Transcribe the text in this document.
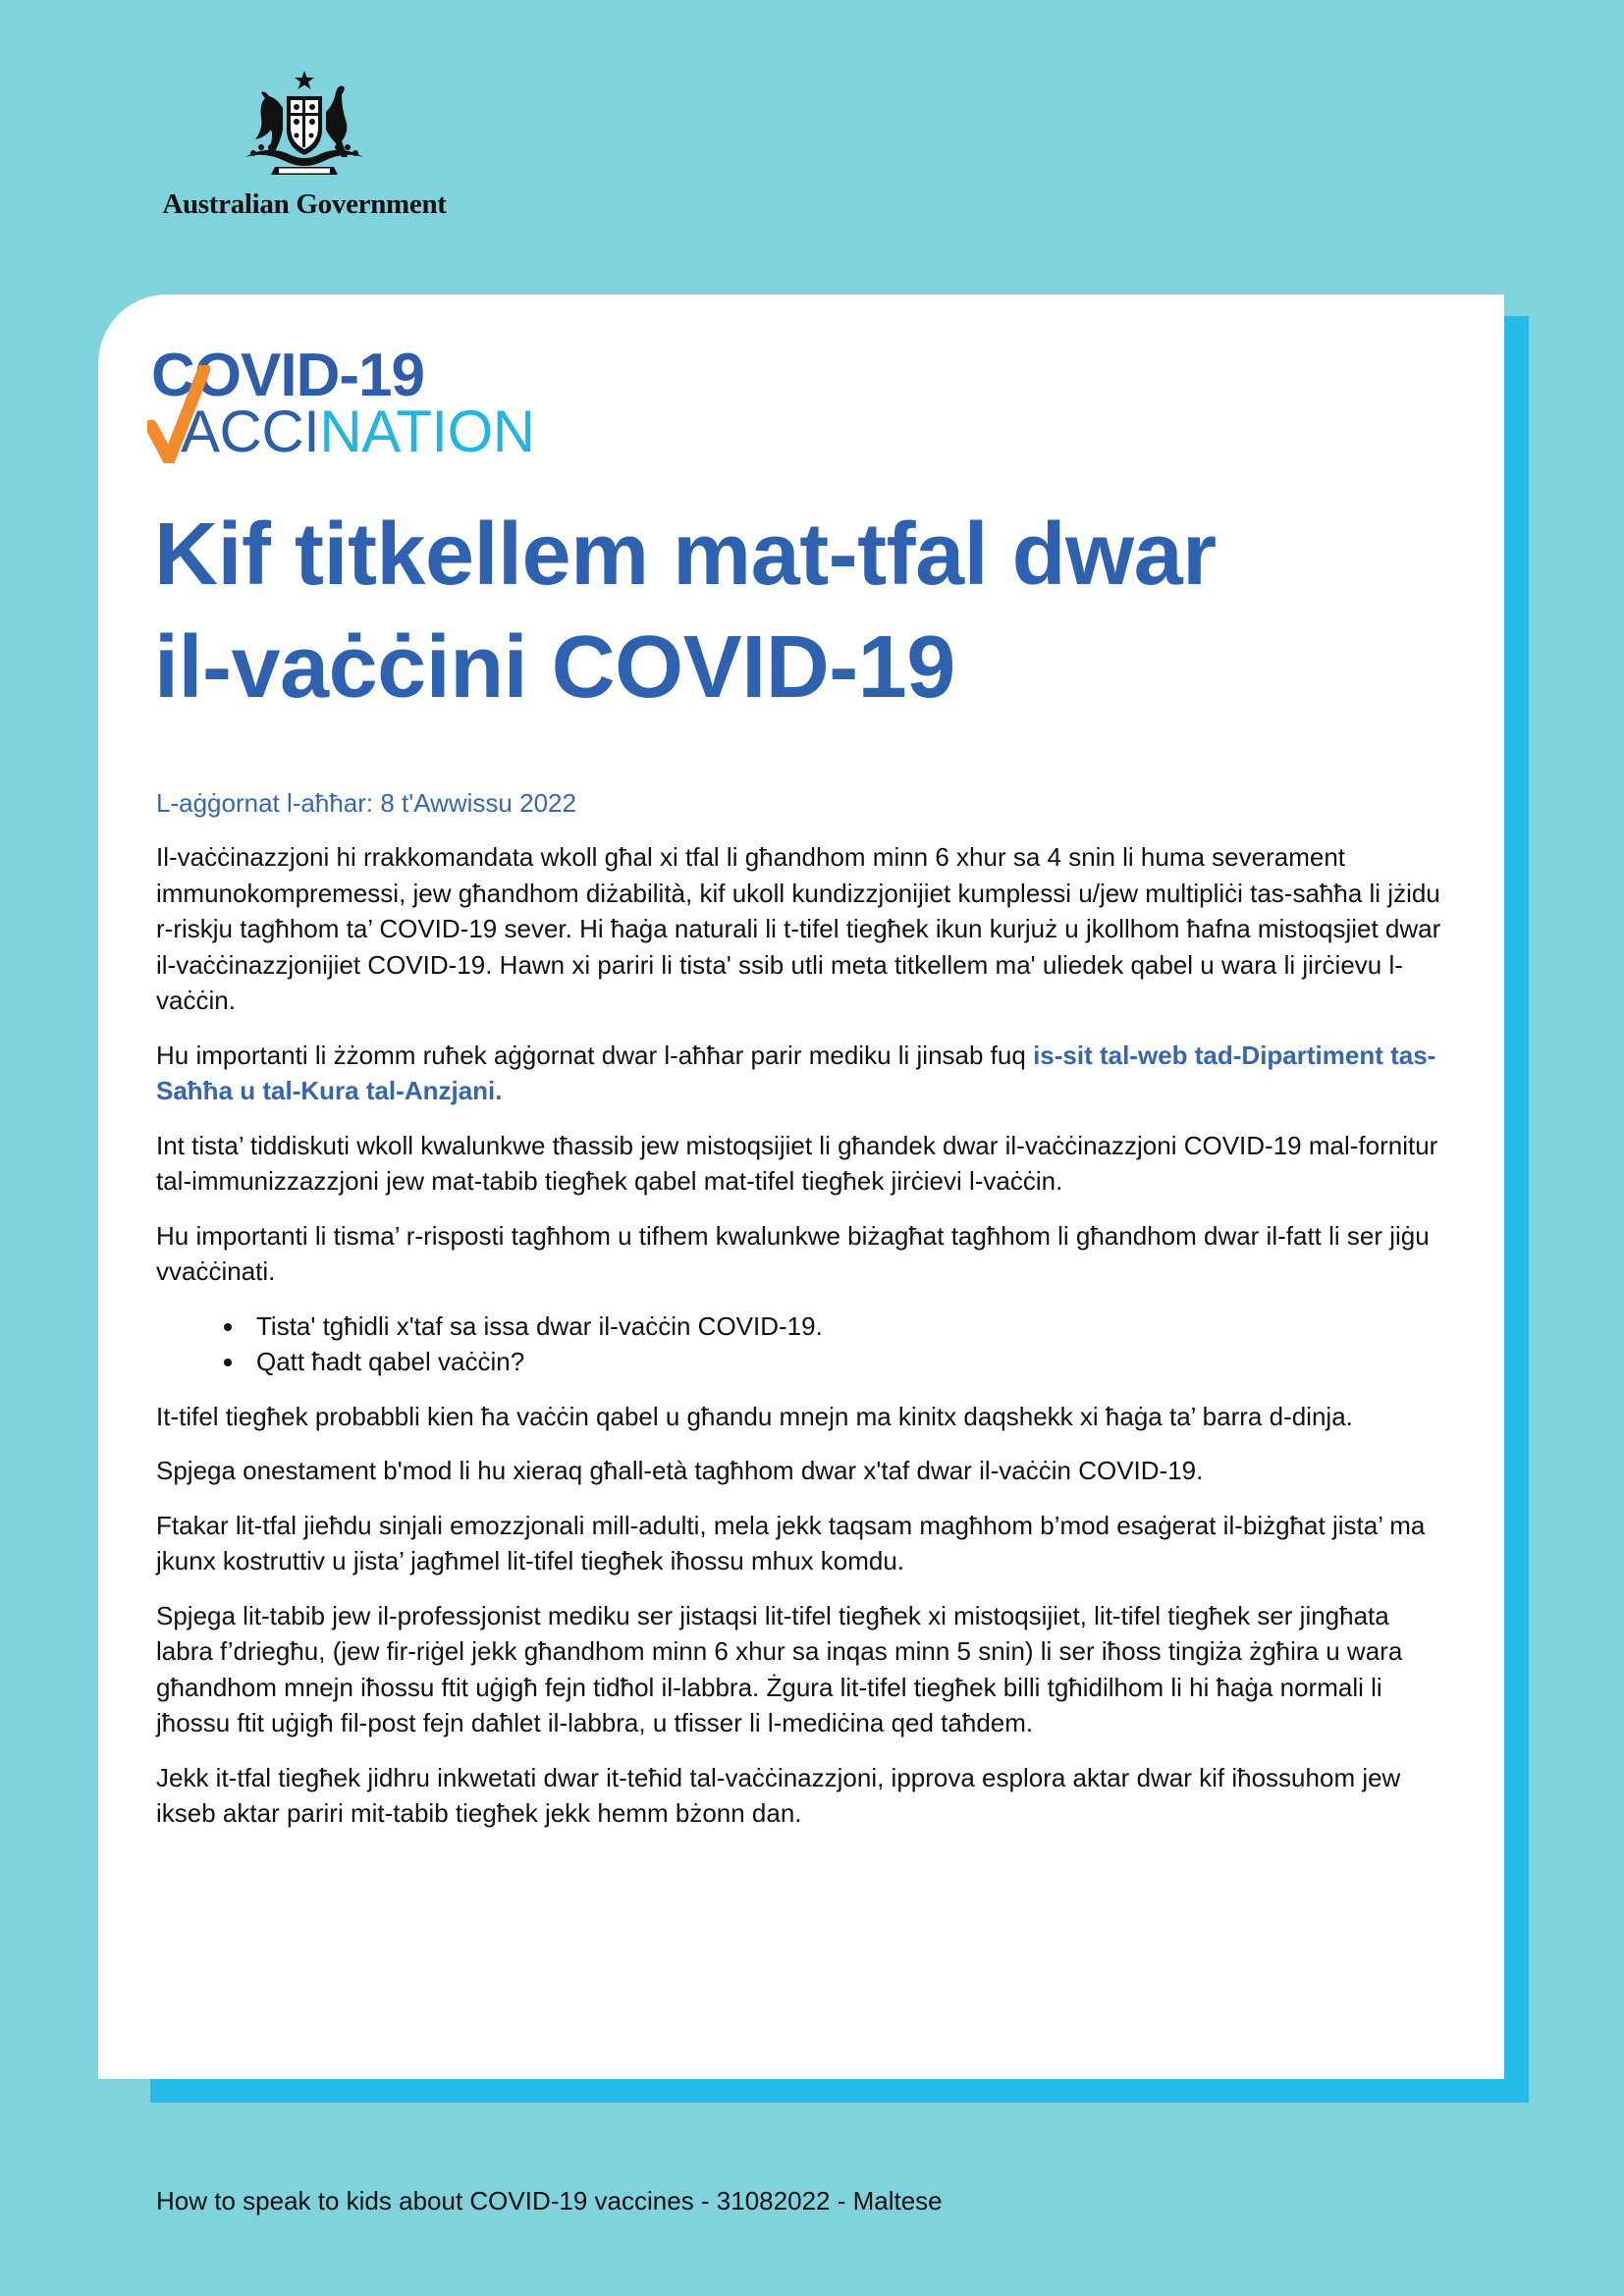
Australian Government
COVID-19
ACCINATION
Kif titkellem mat-tfal dwar
il-vaċċini COVID-19

L-aġġornat l-aħħar: 8 t'Awwissu 2022

Il-vaċċinazzjoni hi rrakkomandata wkoll għal xi tfal li għandhom minn 6 xhur sa 4 snin li huma severament immunokompremessi, jew għandhom diżabilità, kif ukoll kundizzjonijiet kumplessi u/jew multipliċi tas-saħħa li jżidu r-riskju tagħhom ta’ COVID-19 sever. Hi ħaġa naturali li t-tifel tiegħek ikun kurjuż u jkollhom ħafna mistoqsjiet dwar il-vaċċinazzjonijiet COVID-19. Hawn xi pariri li tista' ssib utli meta titkellem ma' uliedek qabel u wara li jirċievu l-vaċċin.

Hu importanti li żżomm ruħek aġġornat dwar l-aħħar parir mediku li jinsab fuq is-sit tal-web tad-Dipartiment tas-Saħħa u tal-Kura tal-Anzjani.

Int tista’ tiddiskuti wkoll kwalunkwe tħassib jew mistoqsijiet li għandek dwar il-vaċċinazzjoni COVID-19 mal-fornitur tal-immunizzazzjoni jew mat-tabib tiegħek qabel mat-tifel tiegħek jirċievi l-vaċċin.

Hu importanti li tisma’ r-risposti tagħhom u tifhem kwalunkwe biżagħat tagħhom li għandhom dwar il-fatt li ser jiġu vvaċċinati.

• Tista' tgħidli x'taf sa issa dwar il-vaċċin COVID-19.
• Qatt ħadt qabel vaċċin?

It-tifel tiegħek probabbli kien ħa vaċċin qabel u għandu mnejn ma kinitx daqshekk xi ħaġa ta’ barra d-dinja.

Spjega onestament b'mod li hu xieraq għall-età tagħhom dwar x'taf dwar il-vaċċin COVID-19.

Ftakar lit-tfal jieħdu sinjali emozzjonali mill-adulti, mela jekk taqsam magħhom b’mod esaġerat il-biżgħat jista’ ma jkunx kostruttiv u jista’ jagħmel lit-tifel tiegħek iħossu mhux komdu.

Spjega lit-tabib jew il-professjonist mediku ser jistaqsi lit-tifel tiegħek xi mistoqsijiet, lit-tifel tiegħek ser jingħata labra f’driegħu, (jew fir-riġel jekk għandhom minn 6 xhur sa inqas minn 5 snin) li ser iħoss tingiża żgħira u wara għandhom mnejn iħossu ftit uġigħ fejn tidħol il-labbra. Żgura lit-tifel tiegħek billi tgħidilhom li hi ħaġa normali li jħossu ftit uġigħ fil-post fejn daħlet il-labbra, u tfisser li l-mediċina qed taħdem.

Jekk it-tfal tiegħek jidhru inkwetati dwar it-teħid tal-vaċċinazzjoni, ipprova esplora aktar dwar kif iħossuhom jew ikseb aktar pariri mit-tabib tiegħek jekk hemm bżonn dan.

How to speak to kids about COVID-19 vaccines - 31082022 - Maltese
